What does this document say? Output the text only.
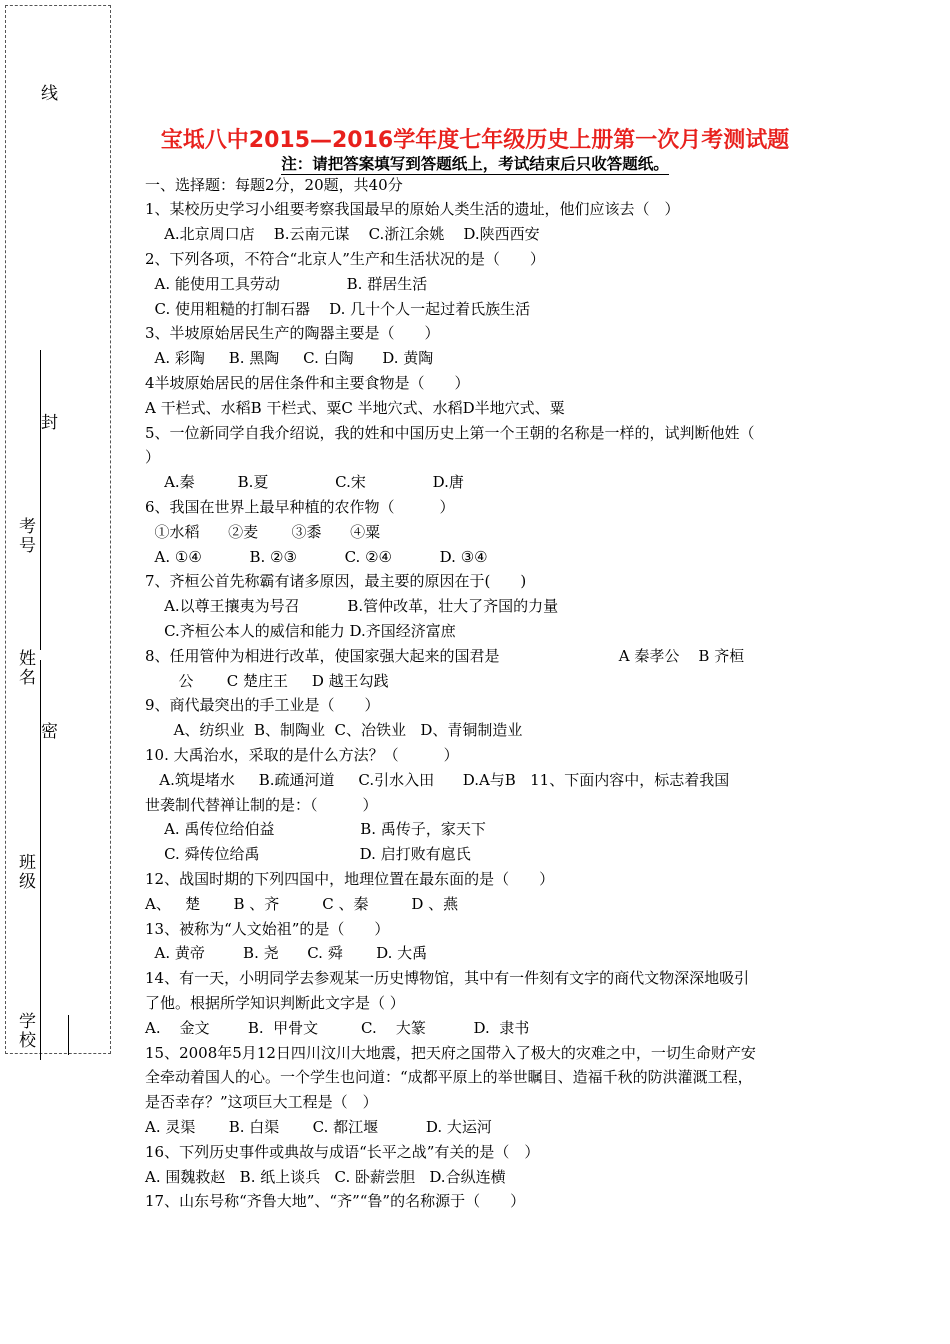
线
封
考号
姓名
密
班级
学校
宝坻八中2015—2016学年度七年级历史上册第一次月考测试题
注：请把答案填写到答题纸上，考试结束后只收答题纸。
一、选择题：每题2分，20题，共40分
1、某校历史学习小组要考察我国最早的原始人类生活的遗址，他们应该去（　）
A.北京周口店    B.云南元谋    C.浙江余姚    D.陕西西安
2、下列各项，不符合“北京人”生产和生活状况的是（　　）
A. 能使用工具劳动              B. 群居生活
C. 使用粗糙的打制石器    D. 几十个人一起过着氏族生活
3、半坡原始居民生产的陶器主要是（　　）
A. 彩陶     B. 黑陶     C. 白陶      D. 黄陶
4半坡原始居民的居住条件和主要食物是（　　）
A 干栏式、水稻B 干栏式、粟C 半地穴式、水稻D半地穴式、粟
5、一位新同学自我介绍说，我的姓和中国历史上第一个王朝的名称是一样的，试判断他姓（
）
A.秦         B.夏              C.宋              D.唐
6、我国在世界上最早种植的农作物（　　　）
①水稻      ②麦       ③黍      ④粟
A. ①④          B. ②③          C. ②④          D. ③④
7、齐桓公首先称霸有诸多原因，最主要的原因在于(　　)
A.以尊王攘夷为号召          B.管仲改革，壮大了齐国的力量
C.齐桓公本人的威信和能力 D.齐国经济富庶
8、任用管仲为相进行改革，使国家强大起来的国君是                         A 秦孝公    B 齐桓
公       C 楚庄王     D 越王勾践
9、商代最突出的手工业是（　　）
A、纺织业  B、制陶业  C、冶铁业   D、青铜制造业
10. 大禹治水，采取的是什么方法？（　　　）
A.筑堤堵水     B.疏通河道     C.引水入田      D.A与B   11、下面内容中，标志着我国
世袭制代替禅让制的是：（　　　）
A. 禹传位给伯益                  B. 禹传子，家天下
C. 舜传位给禹                     D. 启打败有扈氏
12、战国时期的下列四国中，地理位置在最东面的是（　　）
A、   楚       B 、齐         C 、秦         D 、燕
13、被称为“人文始祖”的是（　　）
A. 黄帝        B. 尧      C. 舜       D. 大禹
14、有一天，小明同学去参观某一历史博物馆，其中有一件刻有文字的商代文物深深地吸引
了他。根据所学知识判断此文字是（ ）
A.    金文        B.  甲骨文         C.    大篆          D.  隶书
15、2008年5月12日四川汶川大地震，把天府之国带入了极大的灾难之中，一切生命财产安
全牵动着国人的心。一个学生也问道：“成都平原上的举世瞩目、造福千秋的防洪灌溉工程，
是否幸存？”这项巨大工程是（　）
A. 灵渠       B. 白渠       C. 都江堰          D. 大运河
16、下列历史事件或典故与成语“长平之战”有关的是（　）
A. 围魏救赵   B. 纸上谈兵   C. 卧薪尝胆   D.合纵连横
17、山东号称“齐鲁大地”、“齐”“鲁”的名称源于（　　）
